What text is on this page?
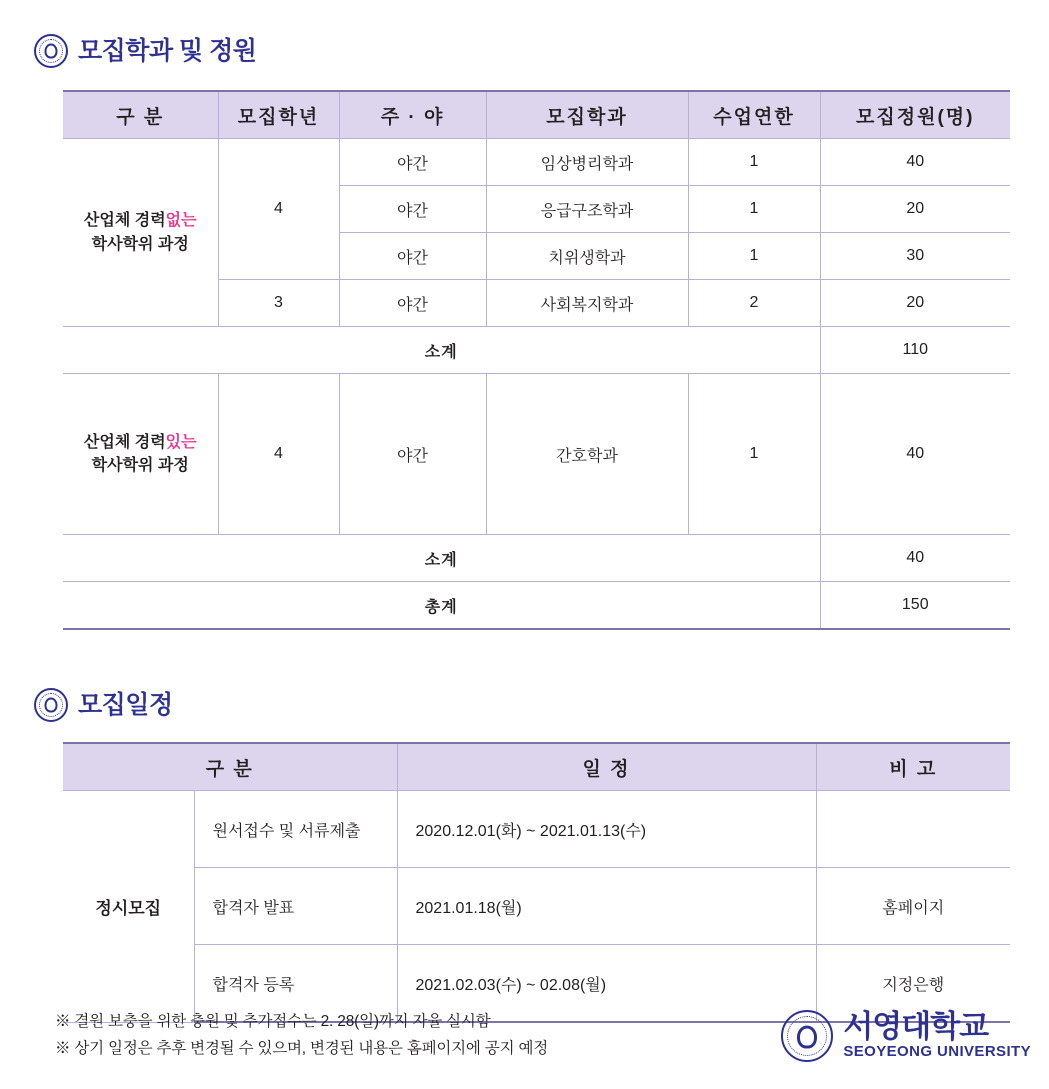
모집학과 및 정원
구 분	모집학년	주 · 야	모집학과	수업연한	모집정원(명)
산업체 경력없는
학사학위 과정	4	야간	임상병리학과	1	40
		야간	응급구조학과	1	20
		야간	치위생학과	1	30
	3	야간	사회복지학과	2	20
소계					110
산업체 경력있는
학사학위 과정	4	야간	간호학과	1	40
소계					40
총계					150
모집일정
구 분		일 정	비 고
정시모집	원서접수 및 서류제출	2020.12.01(화) ~ 2021.01.13(수)	
	합격자 발표	2021.01.18(월)	홈페이지
	합격자 등록	2021.02.03(수) ~ 02.08(월)	지정은행
※ 결원 보충을 위한 충원 및 추가접수는 2. 28(일)까지 자율 실시함
※ 상기 일정은 추후 변경될 수 있으며, 변경된 내용은 홈페이지에 공지 예정
서영대학교
SEOYEONG UNIVERSITY
